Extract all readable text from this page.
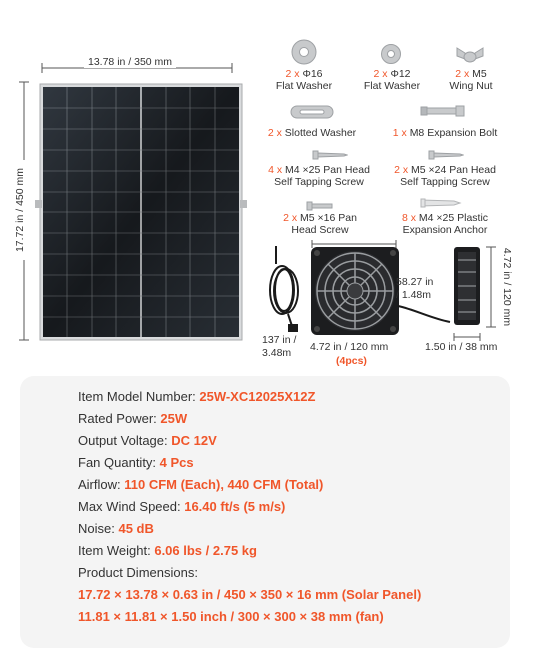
13.78 in / 350 mm
17.72 in / 450 mm
2 x Φ16
Flat Washer
2 x Φ12
Flat Washer
2 x M5
Wing Nut
2 x Slotted Washer	1 x M8 Expansion Bolt
4 x M4 ×25 Pan Head
Self Tapping Screw
2 x M5 ×24 Pan Head
Self Tapping Screw
2 x M5 ×16 Pan
Head Screw
8 x M4 ×25 Plastic
Expansion Anchor
137 in /
3.48m
58.27 in
/ 1.48m
4.72 in / 120 mm
(4pcs)
4.72 in / 120 mm
1.50 in / 38 mm
Item Model Number: 25W-XC12025X12Z
Rated Power: 25W
Output Voltage: DC 12V
Fan Quantity: 4 Pcs
Airflow: 110 CFM (Each), 440 CFM (Total)
Max Wind Speed: 16.40 ft/s (5 m/s)
Noise: 45 dB
Item Weight: 6.06 lbs / 2.75 kg
Product Dimensions:
17.72 × 13.78 × 0.63 in / 450 × 350 × 16 mm (Solar Panel)
11.81 × 11.81 × 1.50 inch / 300 × 300 × 38 mm (fan)
